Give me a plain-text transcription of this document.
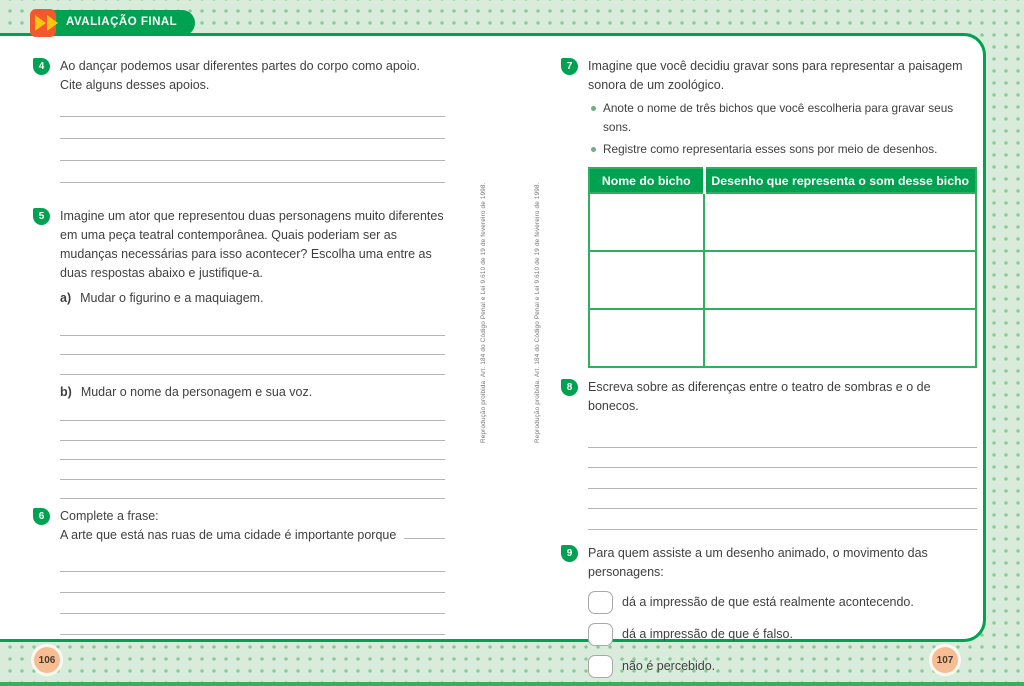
AVALIAÇÃO FINAL
4	Ao dançar podemos usar diferentes partes do corpo como apoio. Cite alguns desses apoios.

5	Imagine um ator que representou duas personagens muito diferentes em uma peça teatral contemporânea. Quais poderiam ser as mudanças necessárias para isso acontecer? Escolha uma entre as duas respostas abaixo e justifique-a.

a) Mudar o figurino e a maquiagem.
b) Mudar o nome da personagem e sua voz.
6	Complete a frase:

A arte que está nas ruas de uma cidade é importante porque
7	Imagine que você decidiu gravar sons para representar a paisagem sonora de um zoológico.

Anote o nome de três bichos que você escolheria para gravar seus sons.
Registre como representaria esses sons por meio de desenhos.
Nome do bicho	Desenho que representa o som desse bicho

8	Escreva sobre as diferenças entre o teatro de sombras e o de bonecos.

9	Para quem assiste a um desenho animado, o movimento das personagens:

dá a impressão de que está realmente acontecendo.
dá a impressão de que é falso.
não é percebido.
Reprodução proibida. Art. 184 do Código Penal e Lei 9.610 de 19 de fevereiro de 1998.	Reprodução proibida. Art. 184 do Código Penal e Lei 9.610 de 19 de fevereiro de 1998.
106	107
